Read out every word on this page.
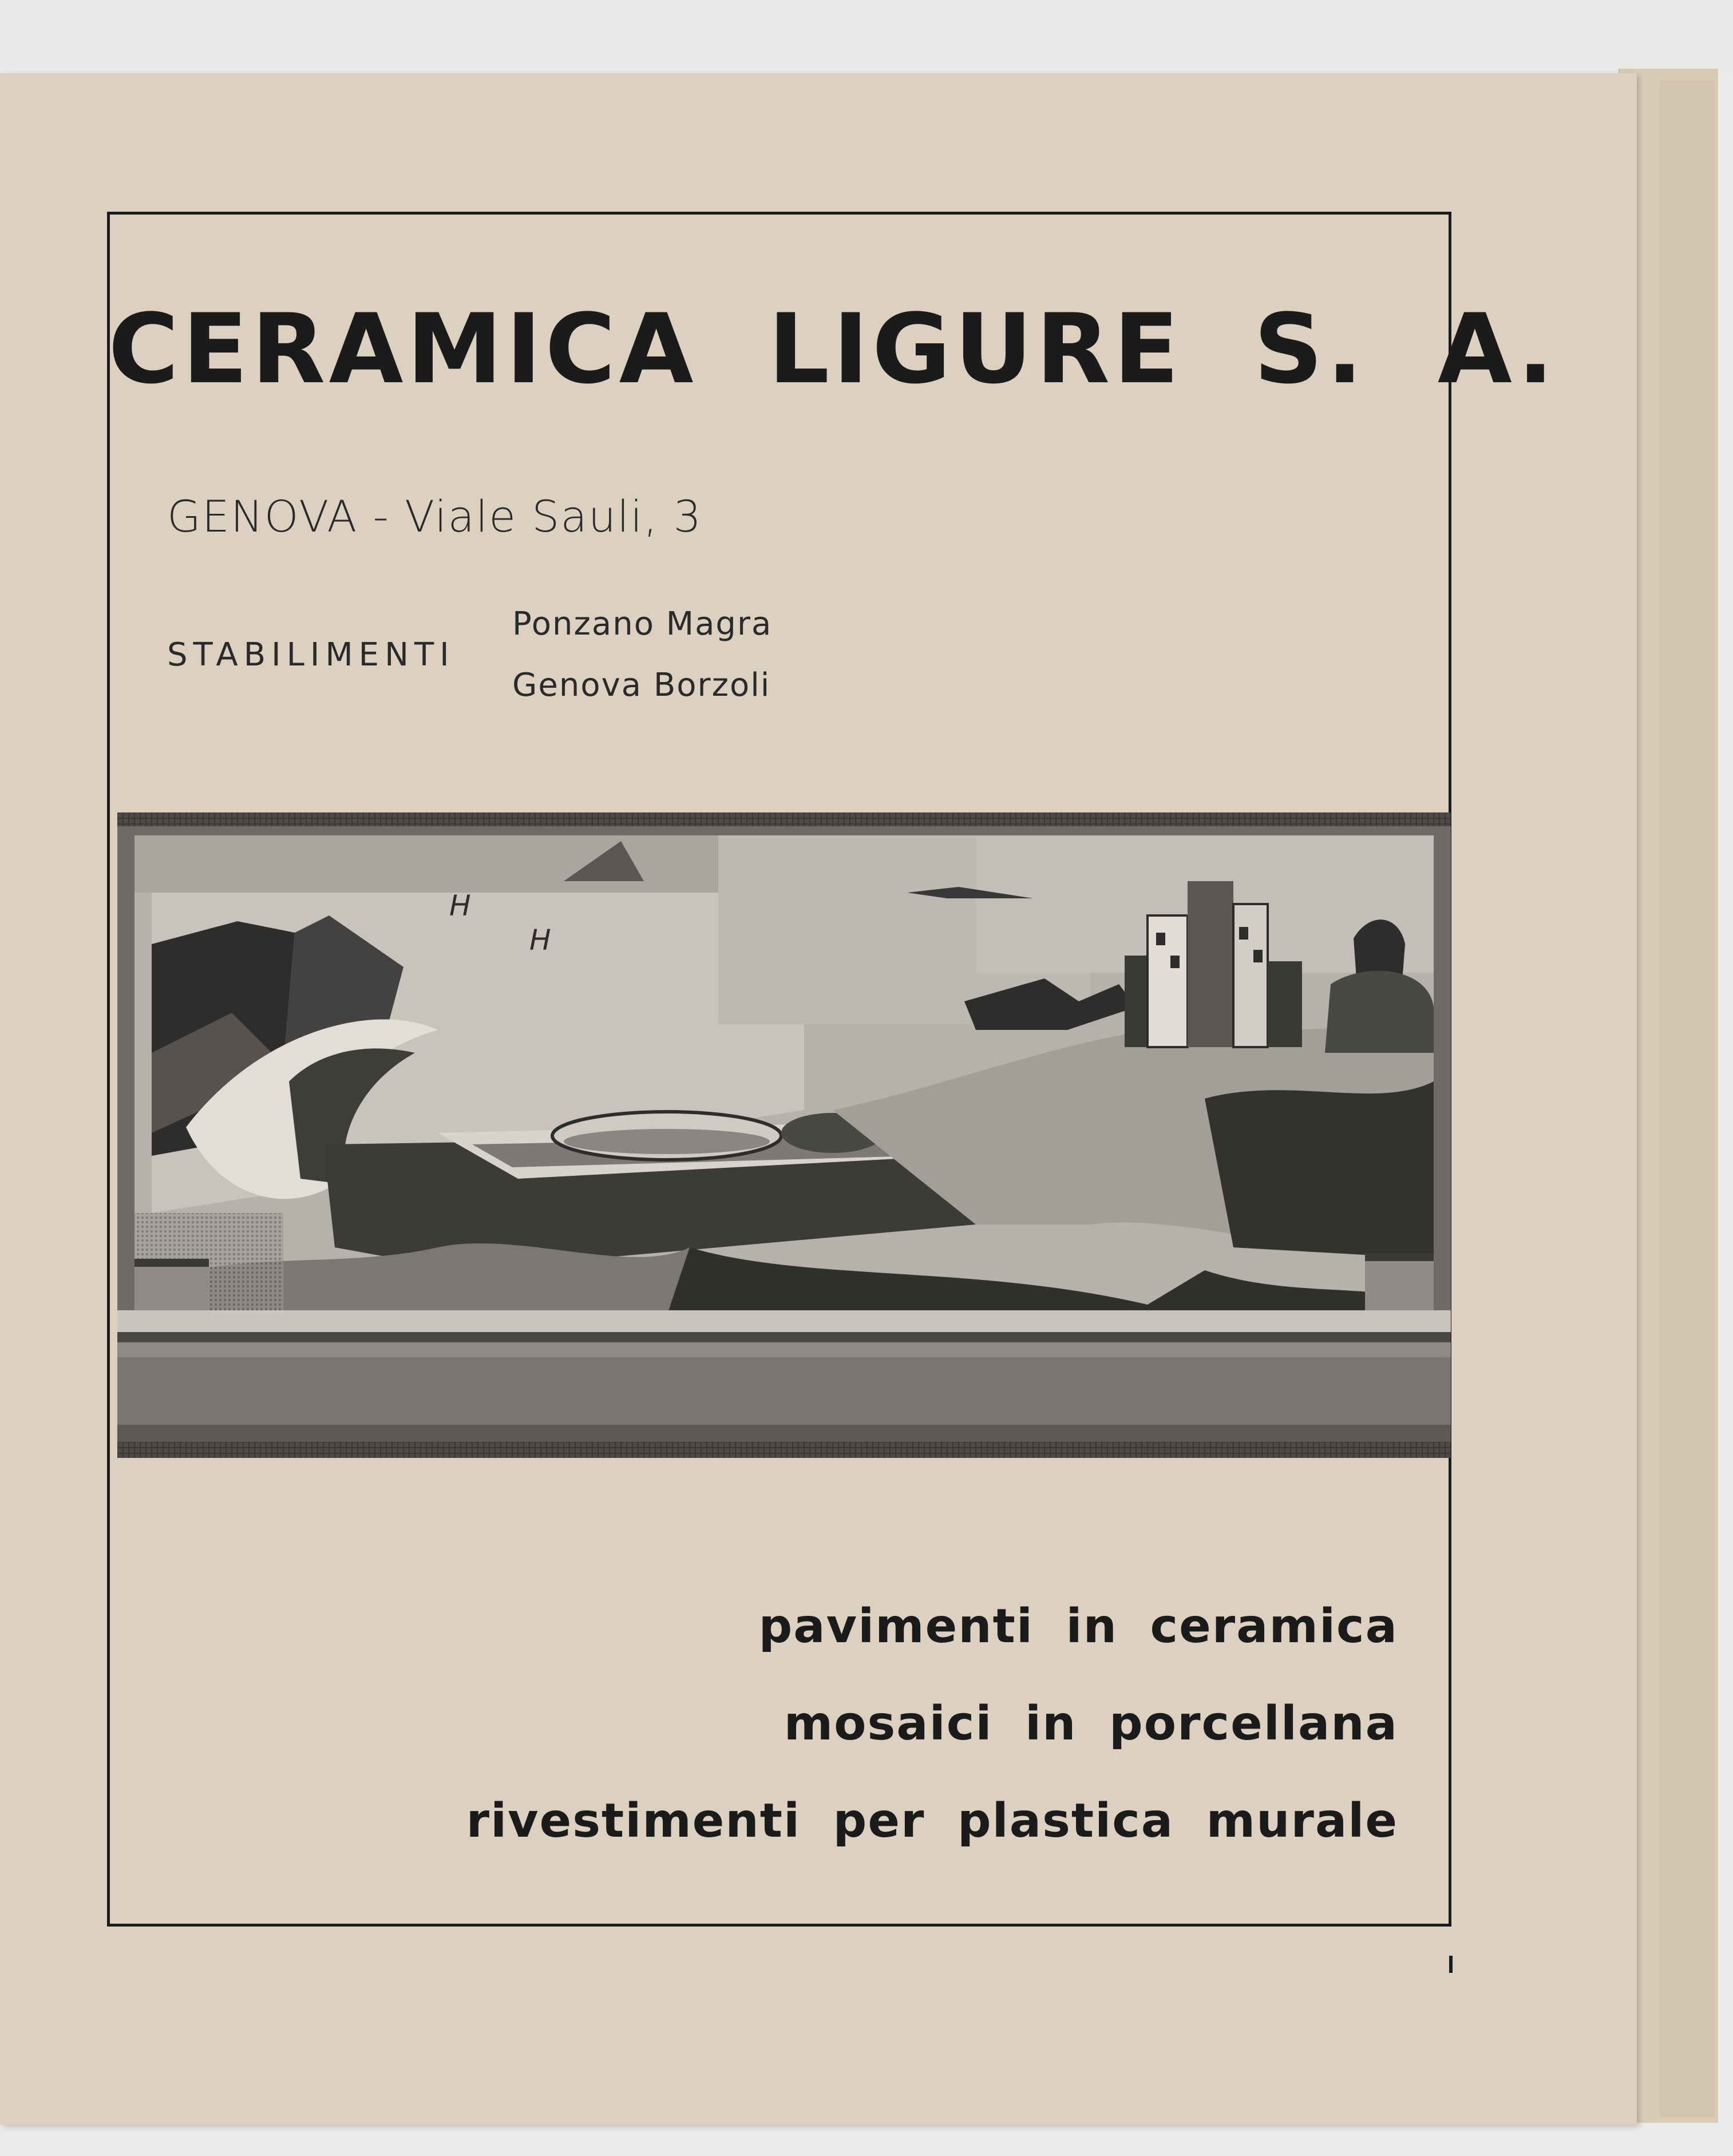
CERAMICA LIGURE S. A.
GENOVA - Viale Sauli, 3
STABILIMENTI
Ponzano Magra
Genova Borzoli
H
H
pavimenti in ceramica
mosaici in porcellana
rivestimenti per plastica murale
